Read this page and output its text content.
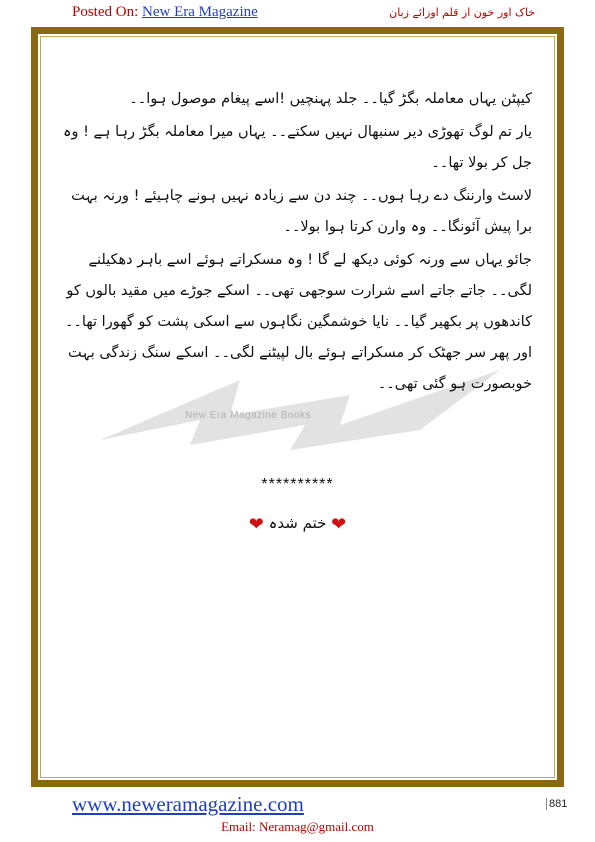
Posted On: New Era Magazine	خاک اور خون از قلم اوزائے زبان
New Era Magazine Books

کیپٹن یہاں معاملہ بگڑ گیا۔۔ جلد پہنچیں !اسے پیغام موصول ہوا۔۔

یار تم لوگ تھوڑی دیر سنبھال نہیں سکتے۔۔ یہاں میرا معاملہ بگڑ رہا ہے ! وہ جل کر بولا تھا۔۔

لاسٹ وارننگ دے رہا ہوں۔۔ چند دن سے زیادہ نہیں ہونے چاہیئے ! ورنہ بہت برا پیش آئونگا۔۔ وہ وارن کرتا ہوا بولا۔۔

جائو یہاں سے ورنہ کوئی دیکھ لے گا ! وہ مسکراتے ہوئے اسے باہر دھکیلنے لگی۔۔ جاتے جاتے اسے شرارت سوجھی تھی۔۔ اسکے جوڑے میں مقید بالوں کو کاندھوں پر بکھیر گیا۔۔ نایا خوشمگین نگاہوں سے اسکی پشت کو گھورا تھا۔۔ اور پھر سر جھٹک کر مسکراتے ہوئے بال لپیٹنے لگی۔۔ اسکے سنگ زندگی بہت خوبصورت ہو گئی تھی۔۔

**********
❤ ختم شدہ ❤
www.neweramagazine.com	881
Email: Neramag@gmail.com
